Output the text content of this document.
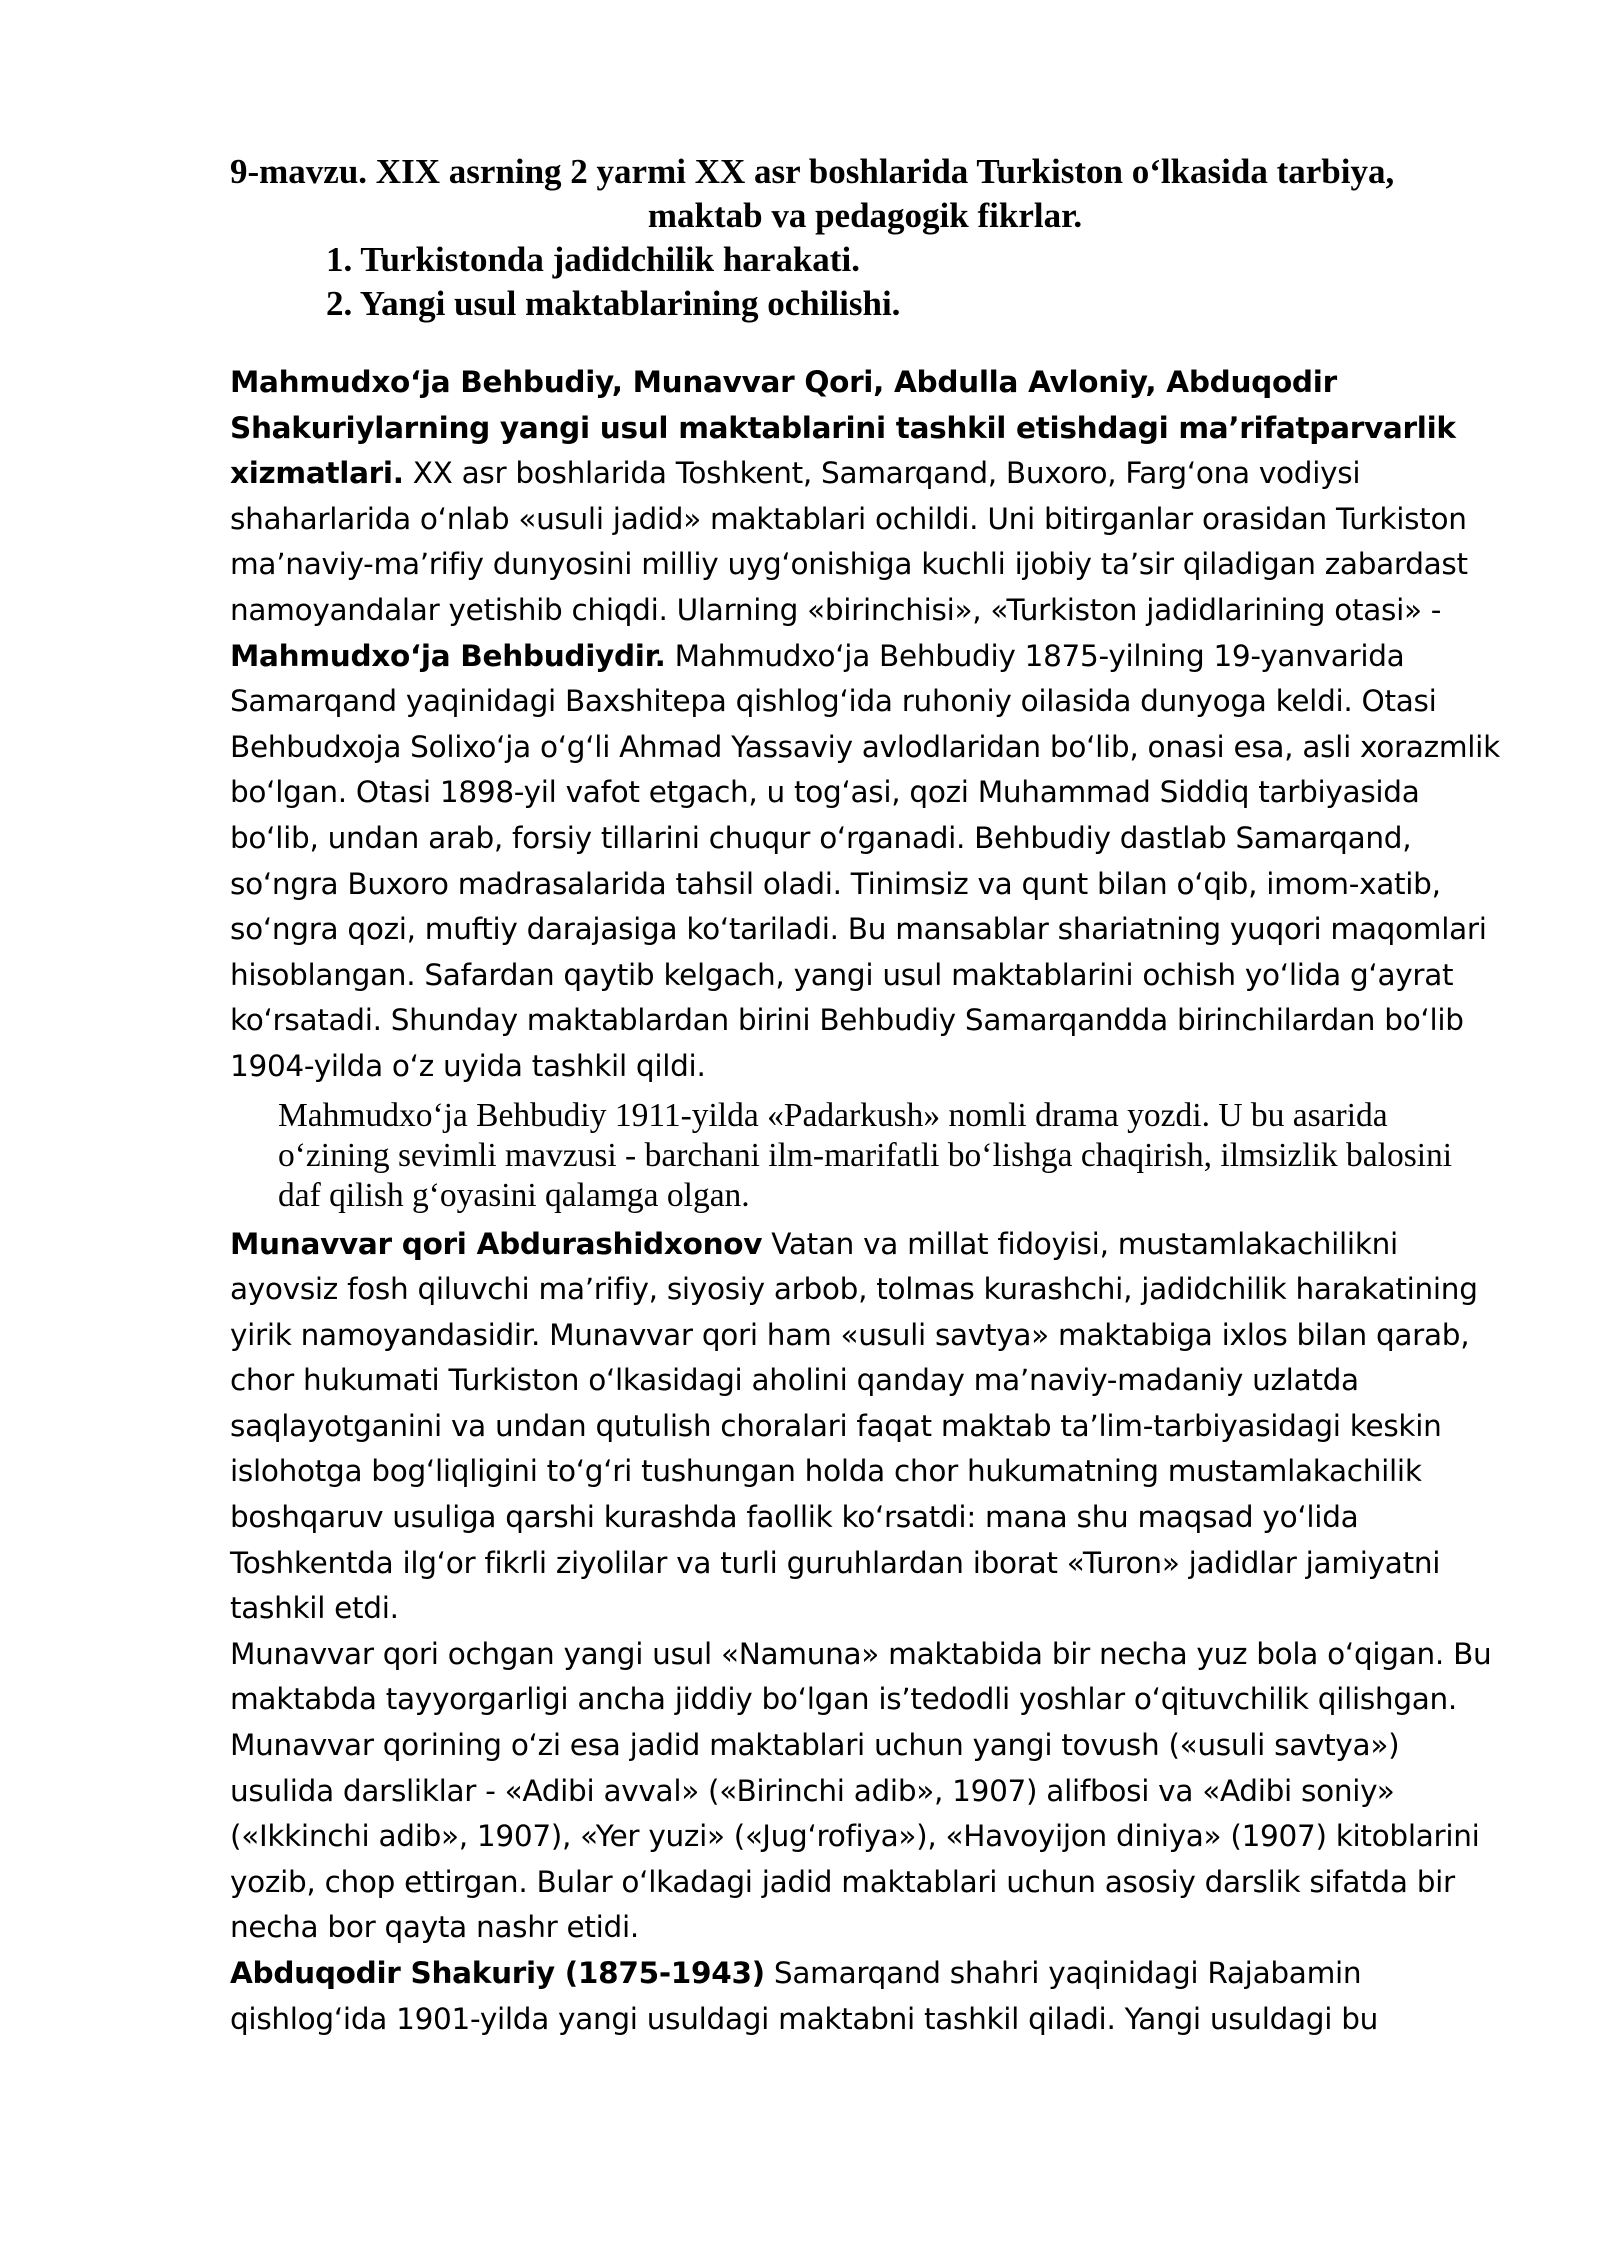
9-mavzu. XIX asrning 2 yarmi XX asr boshlarida Turkiston o‘lkasida tarbiya,
maktab va pedagogik fikrlar.
1. Turkistonda jadidchilik harakati.
2. Yangi usul maktablarining ochilishi.

Mahmudxo‘ja Behbudiy, Munavvar Qori, Abdulla Avloniy, Abduqodir Shakuriylarning yangi usul maktablarini tashkil etishdagi ma’rifatparvarlik xizmatlari. XX asr boshlarida Toshkent, Samarqand, Buxoro, Farg‘ona vodiysi shaharlarida o‘nlab «usuli jadid» maktablari ochildi. Uni bitirganlar orasidan Turkiston ma’naviy-ma’rifiy dunyosini milliy uyg‘onishiga kuchli ijobiy ta’sir qiladigan zabardast namoyandalar yetishib chiqdi. Ularning «birinchisi», «Turkiston jadidlarining otasi» - Mahmudxo‘ja Behbudiydir. Mahmudxo‘ja Behbudiy 1875-yilning 19-yanvarida Samarqand yaqinidagi Baxshitepa qishlog‘ida ruhoniy oilasida dunyoga keldi. Otasi Behbudxoja Solixo‘ja o‘g‘li Ahmad Yassaviy avlodlaridan bo‘lib, onasi esa, asli xorazmlik bo‘lgan. Otasi 1898-yil vafot etgach, u tog‘asi, qozi Muhammad Siddiq tarbiyasida bo‘lib, undan arab, forsiy tillarini chuqur o‘rganadi. Behbudiy dastlab Samarqand, so‘ngra Buxoro madrasalarida tahsil oladi. Tinimsiz va qunt bilan o‘qib, imom-xatib, so‘ngra qozi, muftiy darajasiga ko‘tariladi. Bu mansablar shariatning yuqori maqomlari hisoblangan. Safardan qaytib kelgach, yangi usul maktablarini ochish yo‘lida g‘ayrat ko‘rsatadi. Shunday maktablardan birini Behbudiy Samarqandda birinchilardan bo‘lib 1904-yilda o‘z uyida tashkil qildi.

Mahmudxo‘ja Behbudiy 1911-yilda «Padarkush» nomli drama yozdi. U bu asarida o‘zining sevimli mavzusi - barchani ilm-marifatli bo‘lishga chaqirish, ilmsizlik balosini daf qilish g‘oyasini qalamga olgan.

Munavvar qori Abdurashidxonov Vatan va millat fidoyisi, mustamlakachilikni ayovsiz fosh qiluvchi ma’rifiy, siyosiy arbob, tolmas kurashchi, jadidchilik harakatining yirik namoyandasidir. Munavvar qori ham «usuli savtya» maktabiga ixlos bilan qarab, chor hukumati Turkiston o‘lkasidagi aholini qanday ma’naviy-madaniy uzlatda saqlayotganini va undan qutulish choralari faqat maktab ta’lim-tarbiyasidagi keskin islohotga bog‘liqligini to‘g‘ri tushungan holda chor hukumatning mustamlakachilik boshqaruv usuliga qarshi kurashda faollik ko‘rsatdi: mana shu maqsad yo‘lida Toshkentda ilg‘or fikrli ziyolilar va turli guruhlardan iborat «Turon» jadidlar jamiyatni tashkil etdi.

Munavvar qori ochgan yangi usul «Namuna» maktabida bir necha yuz bola o‘qigan. Bu maktabda tayyorgarligi ancha jiddiy bo‘lgan is’tedodli yoshlar o‘qituvchilik qilishgan. Munavvar qorining o‘zi esa jadid maktablari uchun yangi tovush («usuli savtya») usulida darsliklar - «Adibi avval» («Birinchi adib», 1907) alifbosi va «Adibi soniy» («Ikkinchi adib», 1907), «Yer yuzi» («Jug‘rofiya»), «Havoyijon diniya» (1907) kitoblarini yozib, chop ettirgan. Bular o‘lkadagi jadid maktablari uchun asosiy darslik sifatda bir necha bor qayta nashr etidi.

Abduqodir Shakuriy (1875-1943) Samarqand shahri yaqinidagi Rajabamin qishlog‘ida 1901-yilda yangi usuldagi maktabni tashkil qiladi. Yangi usuldagi bu
